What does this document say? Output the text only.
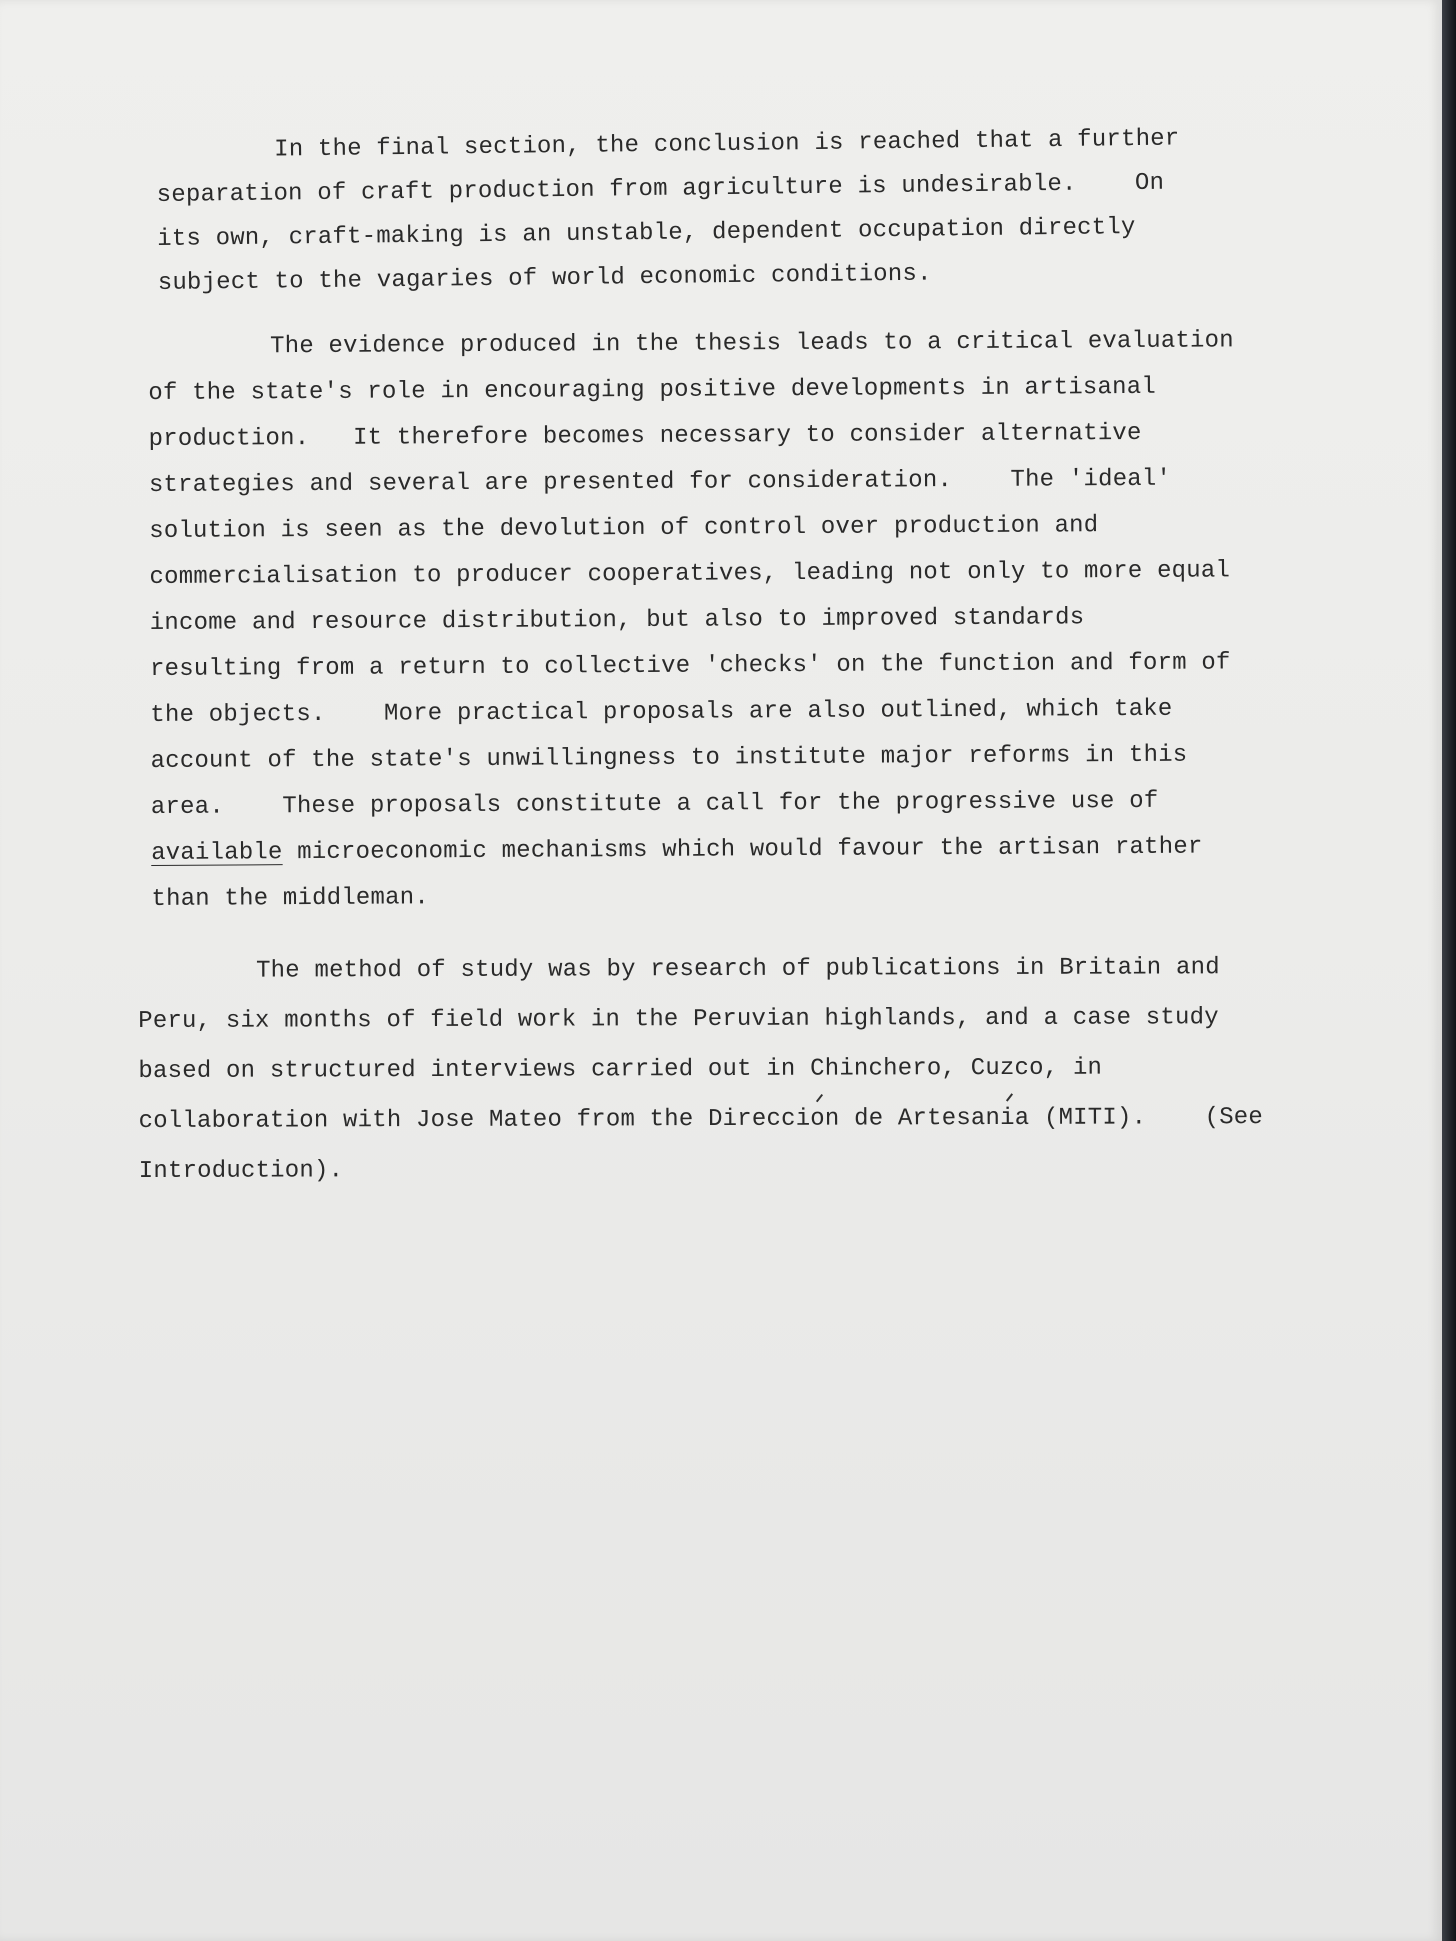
In the final section, the conclusion is reached that a further
separation of craft production from agriculture is undesirable.    On
its own, craft-making is an unstable, dependent occupation directly
subject to the vagaries of world economic conditions.
The evidence produced in the thesis leads to a critical evaluation
of the state's role in encouraging positive developments in artisanal
production.   It therefore becomes necessary to consider alternative
strategies and several are presented for consideration.    The 'ideal'
solution is seen as the devolution of control over production and
commercialisation to producer cooperatives, leading not only to more equal
income and resource distribution, but also to improved standards
resulting from a return to collective 'checks' on the function and form of
the objects.    More practical proposals are also outlined, which take
account of the state's unwillingness to institute major reforms in this
area.    These proposals constitute a call for the progressive use of
available microeconomic mechanisms which would favour the artisan rather
than the middleman.
The method of study was by research of publications in Britain and
Peru, six months of field work in the Peruvian highlands, and a case study
based on structured interviews carried out in Chinchero, Cuzco, in
collaboration with Jose Mateo from the Direccion de Artesania (MITI).    (See
Introduction).
